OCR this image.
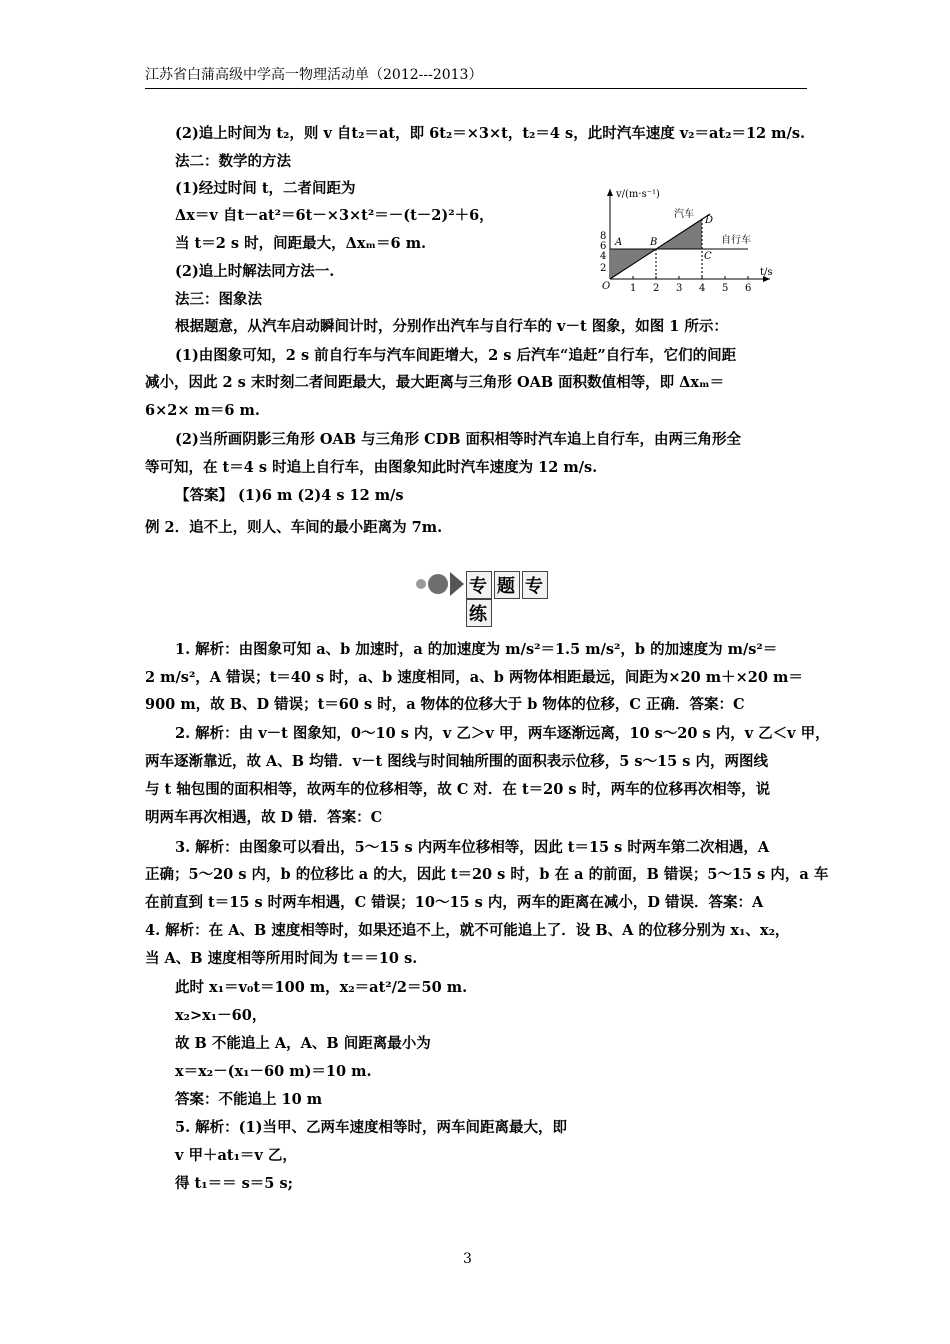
江苏省白蒲高级中学高一物理活动单（2012---2013）
(2)追上时间为 t₂，则 v 自t₂＝at，即 6t₂＝×3×t，t₂＝4 s，此时汽车速度 v₂＝at₂＝12 m/s.
法二：数学的方法
(1)经过时间 t，二者间距为
Δx＝v 自t－at²＝6t－×3×t²＝－(t－2)²＋6，
当 t＝2 s 时，间距最大，Δxₘ＝6 m.
(2)追上时解法同方法一.
法三：图象法
根据题意，从汽车启动瞬间计时，分别作出汽车与自行车的 v－t 图象，如图 1 所示：
(1)由图象可知，2 s 前自行车与汽车间距增大，2 s 后汽车“追赶”自行车，它们的间距
减小，因此 2 s 末时刻二者间距最大，最大距离与三角形 OAB 面积数值相等，即 Δxₘ＝
6×2× m＝6 m.
(2)当所画阴影三角形 OAB 与三角形 CDB 面积相等时汽车追上自行车，由两三角形全
等可知，在 t＝4 s 时追上自行车，由图象知此时汽车速度为 12 m/s.
【答案】 (1)6 m (2)4 s 12 m/s
例 2．追不上，则人、车间的最小距离为 7m.
专 题 专练
1. 解析：由图象可知 a、b 加速时，a 的加速度为 m/s²＝1.5 m/s²，b 的加速度为 m/s²＝
2 m/s²，A 错误；t＝40 s 时，a、b 速度相同，a、b 两物体相距最远，间距为×20 m＋×20 m＝
900 m，故 B、D 错误；t＝60 s 时，a 物体的位移大于 b 物体的位移，C 正确．答案：C
2. 解析：由 v－t 图象知，0～10 s 内，v 乙＞v 甲，两车逐渐远离，10 s～20 s 内，v 乙＜v 甲，
两车逐渐靠近，故 A、B 均错．v－t 图线与时间轴所围的面积表示位移，5 s～15 s 内，两图线
与 t 轴包围的面积相等，故两车的位移相等，故 C 对．在 t＝20 s 时，两车的位移再次相等，说
明两车再次相遇，故 D 错．答案：C
3. 解析：由图象可以看出，5～15 s 内两车位移相等，因此 t＝15 s 时两车第二次相遇，A
正确；5～20 s 内，b 的位移比 a 的大，因此 t＝20 s 时，b 在 a 的前面，B 错误；5～15 s 内，a 车
在前直到 t＝15 s 时两车相遇，C 错误；10～15 s 内，两车的距离在减小，D 错误．答案：A
4. 解析：在 A、B 速度相等时，如果还追不上，就不可能追上了．设 B、A 的位移分别为 x₁、x₂，
当 A、B 速度相等所用时间为 t＝＝10 s.
此时 x₁＝v₀t＝100 m，x₂＝at²/2＝50 m.
x₂>x₁－60，
故 B 不能追上 A，A、B 间距离最小为
x＝x₂－(x₁－60 m)＝10 m.
答案：不能追上 10 m
5. 解析：(1)当甲、乙两车速度相等时，两车间距离最大，即
v 甲＋at₁＝v 乙，
得 t₁＝＝ s＝5 s;
v/(m·s⁻¹)
t/s
8
6
4
2
1 2 3 4 5 6
O
A	B
C
D
汽车
自行车
3
